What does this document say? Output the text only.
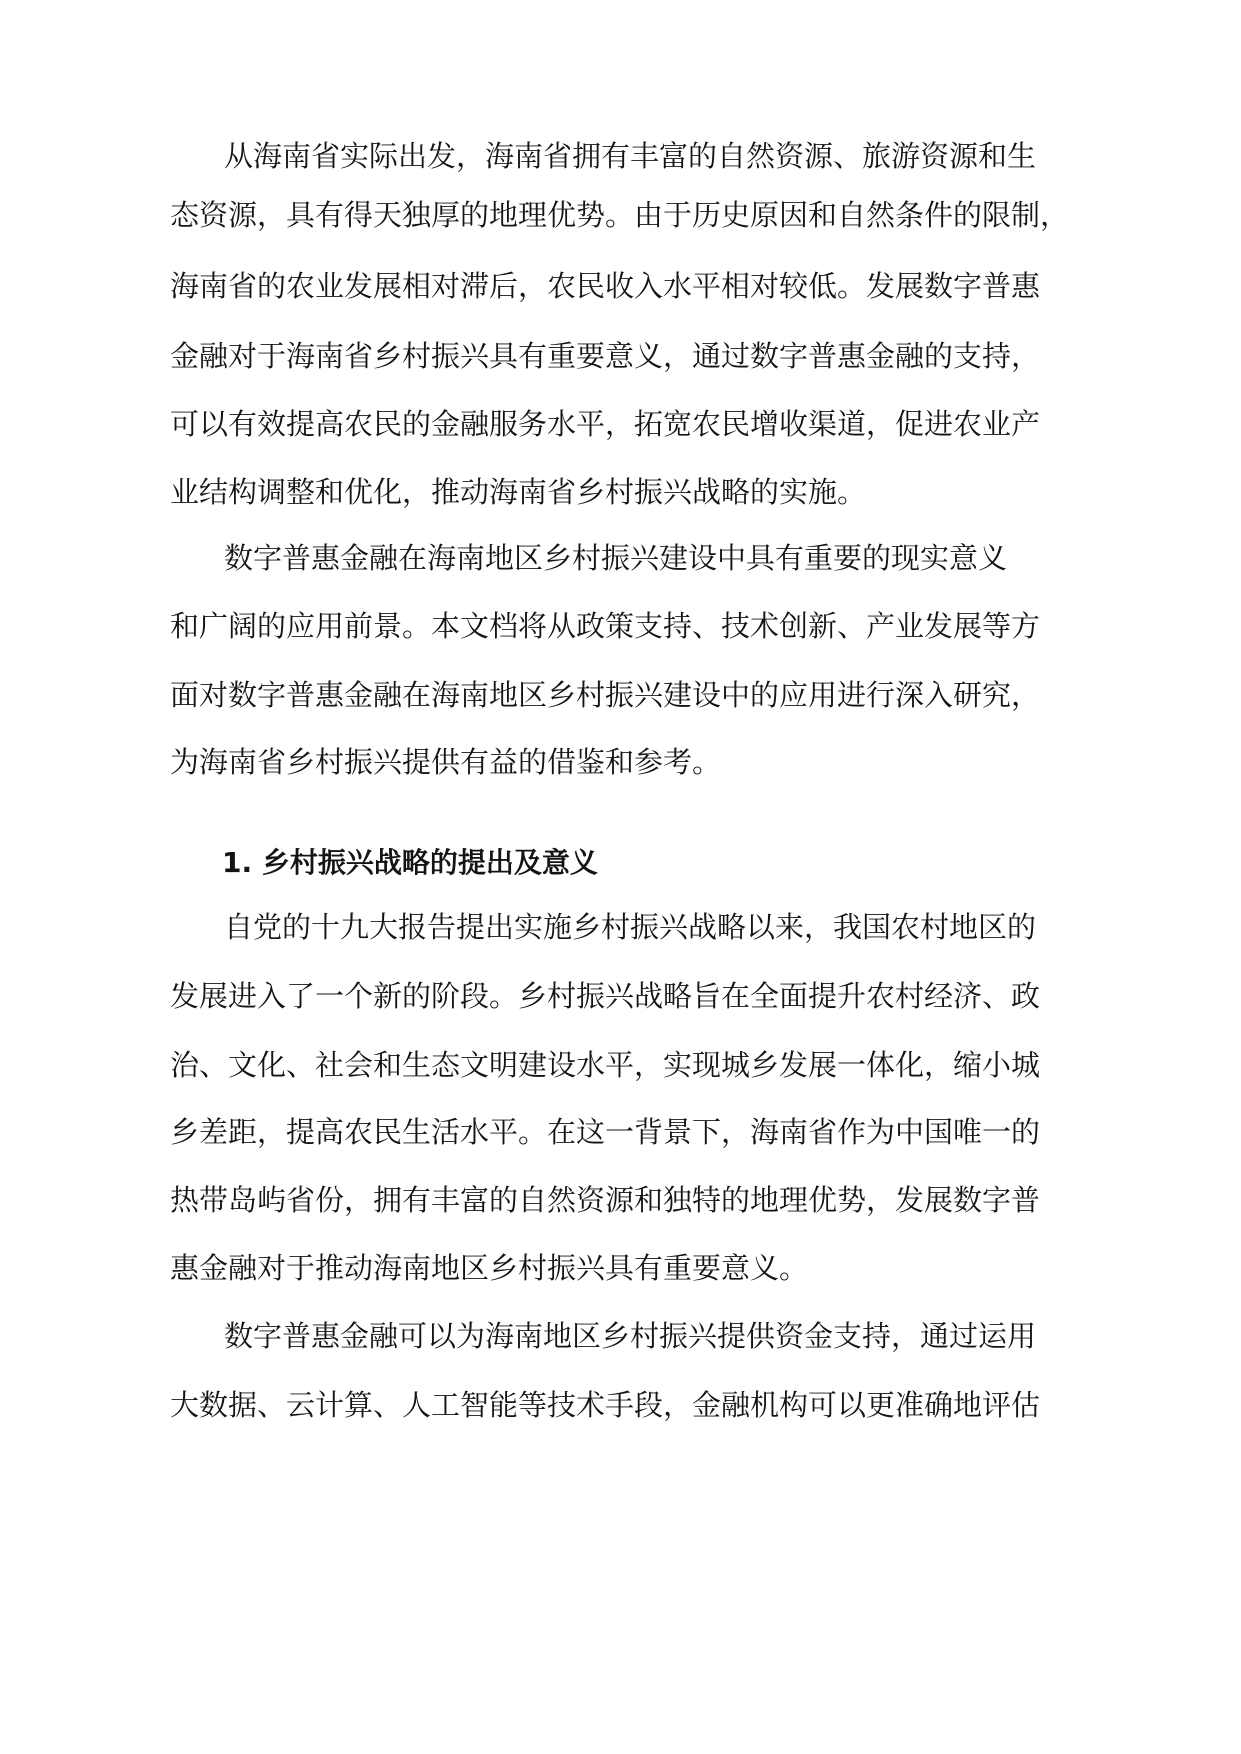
从海南省实际出发，海南省拥有丰富的自然资源、旅游资源和生

态资源，具有得天独厚的地理优势。由于历史原因和自然条件的限制，

海南省的农业发展相对滞后，农民收入水平相对较低。发展数字普惠

金融对于海南省乡村振兴具有重要意义，通过数字普惠金融的支持，

可以有效提高农民的金融服务水平，拓宽农民增收渠道，促进农业产

业结构调整和优化，推动海南省乡村振兴战略的实施。

数字普惠金融在海南地区乡村振兴建设中具有重要的现实意义

和广阔的应用前景。本文档将从政策支持、技术创新、产业发展等方

面对数字普惠金融在海南地区乡村振兴建设中的应用进行深入研究，

为海南省乡村振兴提供有益的借鉴和参考。

1. 乡村振兴战略的提出及意义

自党的十九大报告提出实施乡村振兴战略以来，我国农村地区的

发展进入了一个新的阶段。乡村振兴战略旨在全面提升农村经济、政

治、文化、社会和生态文明建设水平，实现城乡发展一体化，缩小城

乡差距，提高农民生活水平。在这一背景下，海南省作为中国唯一的

热带岛屿省份，拥有丰富的自然资源和独特的地理优势，发展数字普

惠金融对于推动海南地区乡村振兴具有重要意义。

数字普惠金融可以为海南地区乡村振兴提供资金支持，通过运用

大数据、云计算、人工智能等技术手段，金融机构可以更准确地评估
